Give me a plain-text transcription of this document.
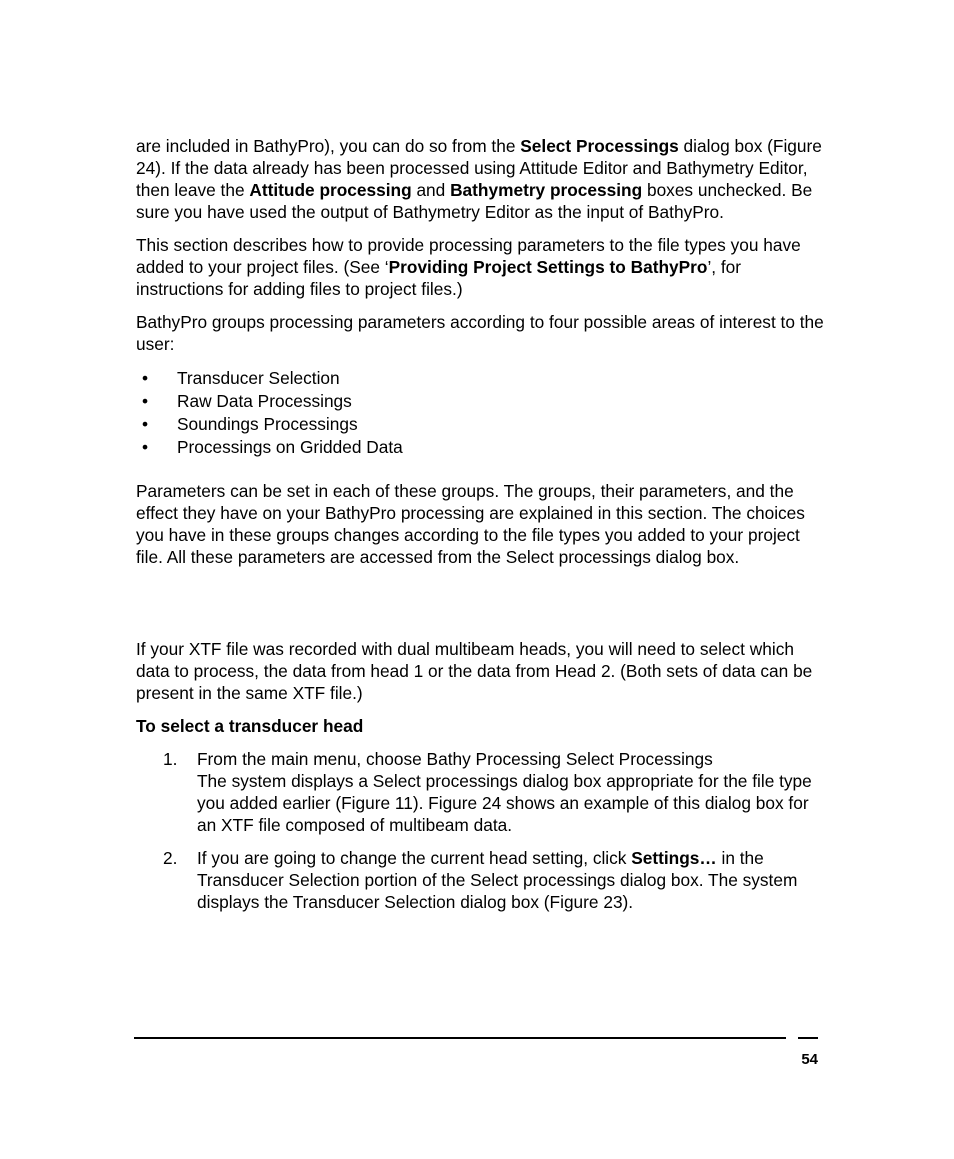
are included in BathyPro), you can do so from the Select Processings dialog box (Figure 24). If the data already has been processed using Attitude Editor and Bathymetry Editor, then leave the Attitude processing and Bathymetry processing boxes unchecked. Be sure you have used the output of Bathymetry Editor as the input of BathyPro.

This section describes how to provide processing parameters to the file types you have added to your project files. (See ‘Providing Project Settings to BathyPro’, for instructions for adding files to project files.)

BathyPro groups processing parameters according to four possible areas of interest to the user:

• Transducer Selection
• Raw Data Processings
• Soundings Processings
• Processings on Gridded Data

Parameters can be set in each of these groups. The groups, their parameters, and the effect they have on your BathyPro processing are explained in this section. The choices you have in these groups changes according to the file types you added to your project file. All these parameters are accessed from the Select processings dialog box.

If your XTF file was recorded with dual multibeam heads, you will need to select which data to process, the data from head 1 or the data from Head 2. (Both sets of data can be present in the same XTF file.)

To select a transducer head

1. From the main menu, choose Bathy Processing Select Processings
The system displays a Select processings dialog box appropriate for the file type you added earlier (Figure 11). Figure 24 shows an example of this dialog box for an XTF file composed of multibeam data.
2. If you are going to change the current head setting, click Settings… in the Transducer Selection portion of the Select processings dialog box. The system displays the Transducer Selection dialog box (Figure 23).
54
